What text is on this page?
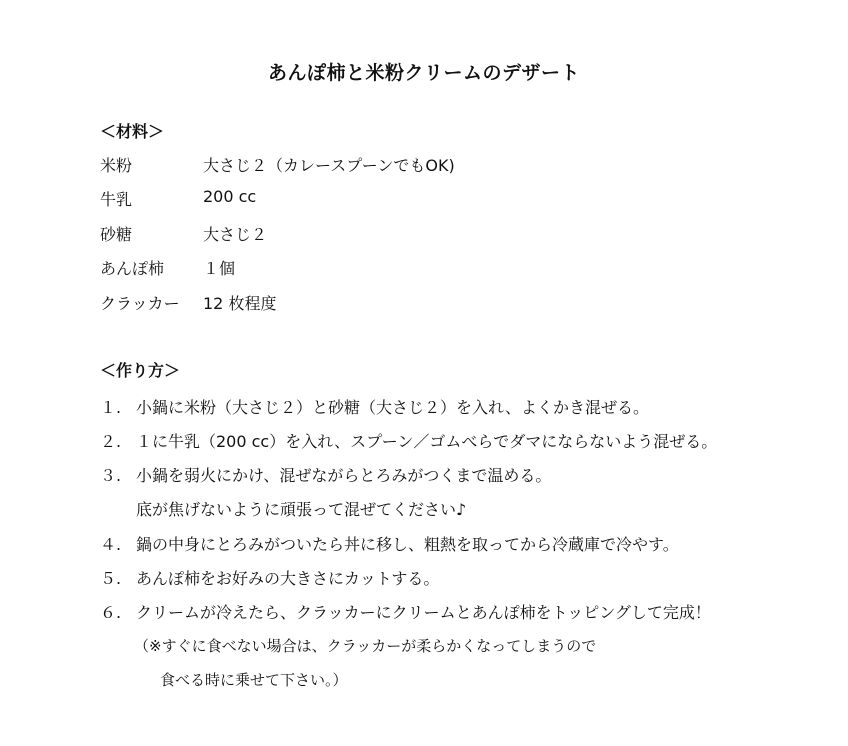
あんぽ柿と米粉クリームのデザート
＜材料＞
米粉	大さじ２（カレースプーンでもOK)
牛乳	200 cc
砂糖	大さじ２
あんぽ柿 １個
クラッカー 12 枚程度
＜作り方＞
１. 小鍋に米粉（大さじ２）と砂糖（大さじ２）を入れ、よくかき混ぜる。
２. １に牛乳（200 cc）を入れ、スプーン／ゴムべらでダマにならないよう混ぜる。
３. 小鍋を弱火にかけ、混ぜながらとろみがつくまで温める。
底が焦げないように頑張って混ぜてください♪
４. 鍋の中身にとろみがついたら丼に移し、粗熱を取ってから冷蔵庫で冷やす。
５. あんぽ柿をお好みの大きさにカットする。
６. クリームが冷えたら、クラッカーにクリームとあんぽ柿をトッピングして完成！
（※すぐに食べない場合は、クラッカーが柔らかくなってしまうので
食べる時に乗せて下さい。）
